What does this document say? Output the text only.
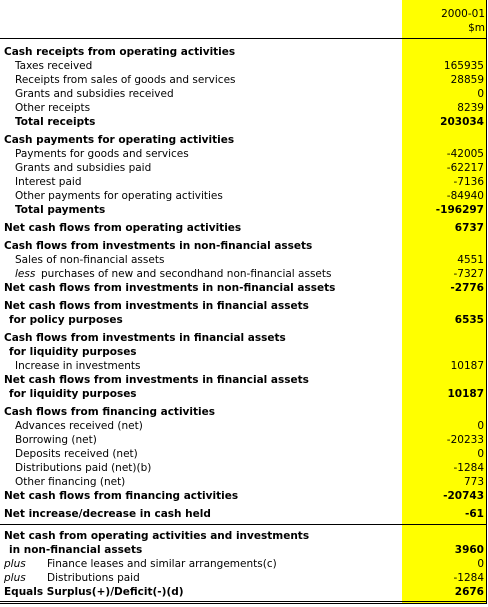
2000-01
$m
Cash receipts from operating activities
Taxes received	165935
Receipts from sales of goods and services	28859
Grants and subsidies received	0
Other receipts	8239
Total receipts	203034
Cash payments for operating activities
Payments for goods and services	-42005
Grants and subsidies paid	-62217
Interest paid	-7136
Other payments for operating activities	-84940
Total payments	-196297
Net cash flows from operating activities	6737
Cash flows from investments in non-financial assets
Sales of non-financial assets	4551
less purchases of new and secondhand non-financial assets	-7327
Net cash flows from investments in non-financial assets	-2776
Net cash flows from investments in financial assets
for policy purposes	6535
Cash flows from investments in financial assets
for liquidity purposes
Increase in investments	10187
Net cash flows from investments in financial assets
for liquidity purposes	10187
Cash flows from financing activities
Advances received (net)	0
Borrowing (net)	-20233
Deposits received (net)	0
Distributions paid (net)(b)	-1284
Other financing (net)	773
Net cash flows from financing activities	-20743
Net increase/decrease in cash held	-61
Net cash from operating activities and investments
in non-financial assets	3960
plus Finance leases and similar arrangements(c)	0
plus Distributions paid	-1284
Equals Surplus(+)/Deficit(-)(d)	2676
